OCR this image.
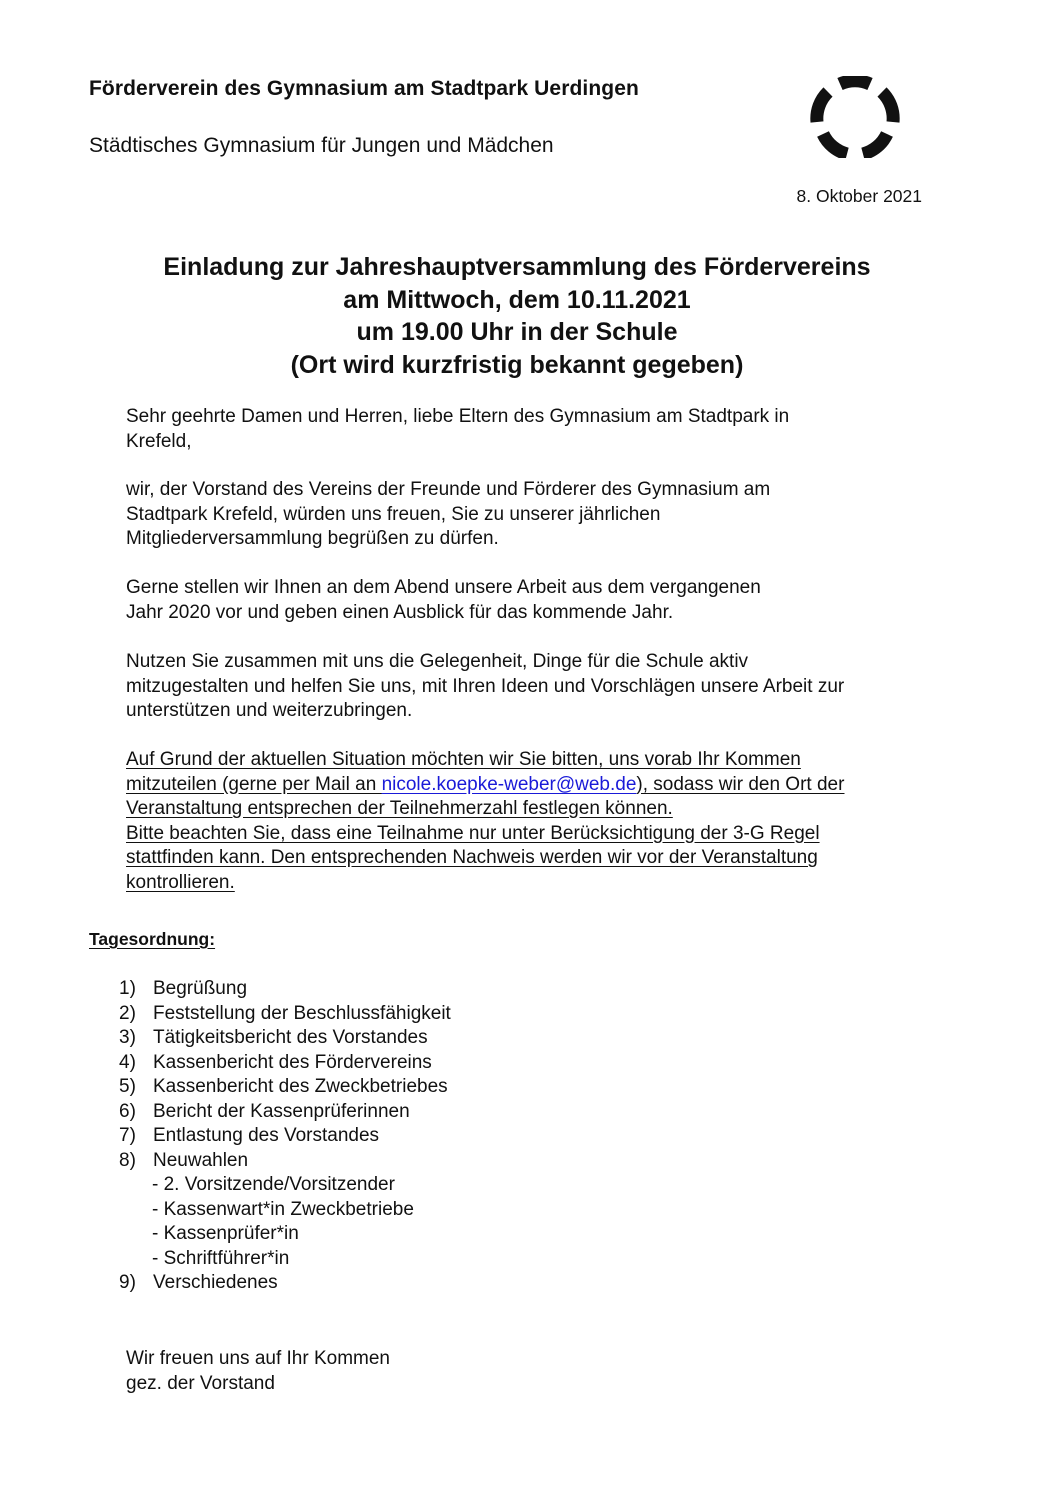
Förderverein des Gymnasium am Stadtpark Uerdingen
Städtisches Gymnasium für Jungen und Mädchen
8. Oktober 2021
Einladung zur Jahreshauptversammlung des Fördervereins
am Mittwoch, dem 10.11.2021
um 19.00 Uhr in der Schule
(Ort wird kurzfristig bekannt gegeben)
Sehr geehrte Damen und Herren, liebe Eltern des Gymnasium am Stadtpark in
Krefeld,
wir, der Vorstand des Vereins der Freunde und Förderer des Gymnasium am
Stadtpark Krefeld, würden uns freuen, Sie zu unserer jährlichen
Mitgliederversammlung begrüßen zu dürfen.
Gerne stellen wir Ihnen an dem Abend unsere Arbeit aus dem vergangenen
Jahr 2020 vor und geben einen Ausblick für das kommende Jahr.
Nutzen Sie zusammen mit uns die Gelegenheit, Dinge für die Schule aktiv
mitzugestalten und helfen Sie uns, mit Ihren Ideen und Vorschlägen unsere Arbeit zur
unterstützen und weiterzubringen.
Auf Grund der aktuellen Situation möchten wir Sie bitten, uns vorab Ihr Kommen
mitzuteilen (gerne per Mail an nicole.koepke-weber@web.de), sodass wir den Ort der
Veranstaltung entsprechen der Teilnehmerzahl festlegen können.
Bitte beachten Sie, dass eine Teilnahme nur unter Berücksichtigung der 3-G Regel
stattfinden kann. Den entsprechenden Nachweis werden wir vor der Veranstaltung
kontrollieren.
Tagesordnung:
1) Begrüßung
2) Feststellung der Beschlussfähigkeit
3) Tätigkeitsbericht des Vorstandes
4) Kassenbericht des Fördervereins
5) Kassenbericht des Zweckbetriebes
6) Bericht der Kassenprüferinnen
7) Entlastung des Vorstandes
8) Neuwahlen
- 2. Vorsitzende/Vorsitzender
- Kassenwart*in Zweckbetriebe
- Kassenprüfer*in
- Schriftführer*in
9) Verschiedenes
Wir freuen uns auf Ihr Kommen
gez. der Vorstand
